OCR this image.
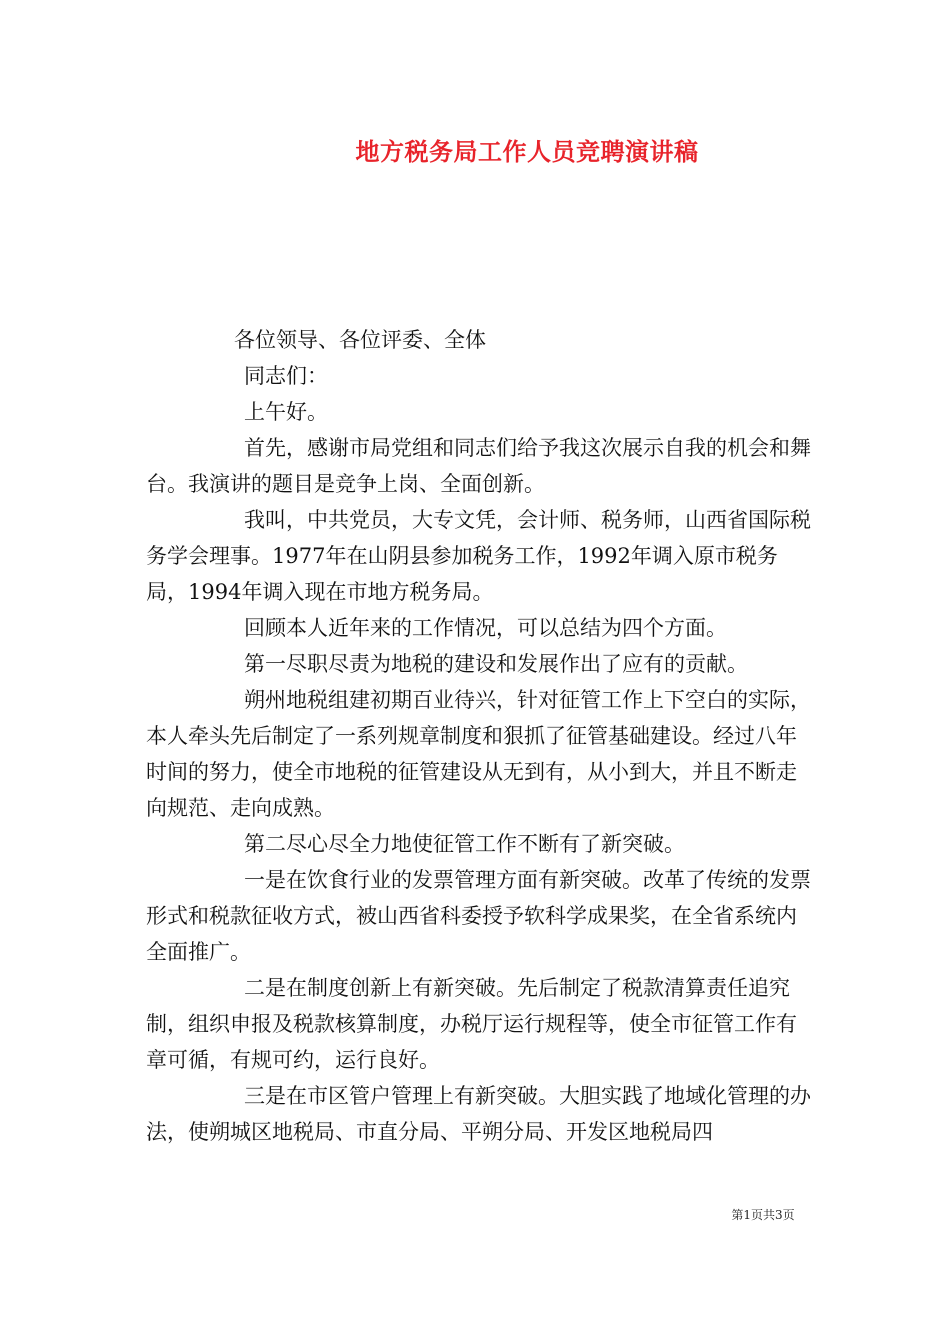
地方税务局工作人员竞聘演讲稿

各位领导、各位评委、全体

同志们：

上午好。

首先，感谢市局党组和同志们给予我这次展示自我的机会和舞台。我演讲的题目是竞争上岗、全面创新。

我叫，中共党员，大专文凭，会计师、税务师，山西省国际税务学会理事。1977年在山阴县参加税务工作，1992年调入原市税务局，1994年调入现在市地方税务局。

回顾本人近年来的工作情况，可以总结为四个方面。

第一尽职尽责为地税的建设和发展作出了应有的贡献。

朔州地税组建初期百业待兴，针对征管工作上下空白的实际，本人牵头先后制定了一系列规章制度和狠抓了征管基础建设。经过八年时间的努力，使全市地税的征管建设从无到有，从小到大，并且不断走向规范、走向成熟。

第二尽心尽全力地使征管工作不断有了新突破。

一是在饮食行业的发票管理方面有新突破。改革了传统的发票形式和税款征收方式，被山西省科委授予软科学成果奖，在全省系统内全面推广。

二是在制度创新上有新突破。先后制定了税款清算责任追究制，组织申报及税款核算制度，办税厅运行规程等，使全市征管工作有章可循，有规可约，运行良好。

三是在市区管户管理上有新突破。大胆实践了地域化管理的办法，使朔城区地税局、市直分局、平朔分局、开发区地税局四

第1页共3页
